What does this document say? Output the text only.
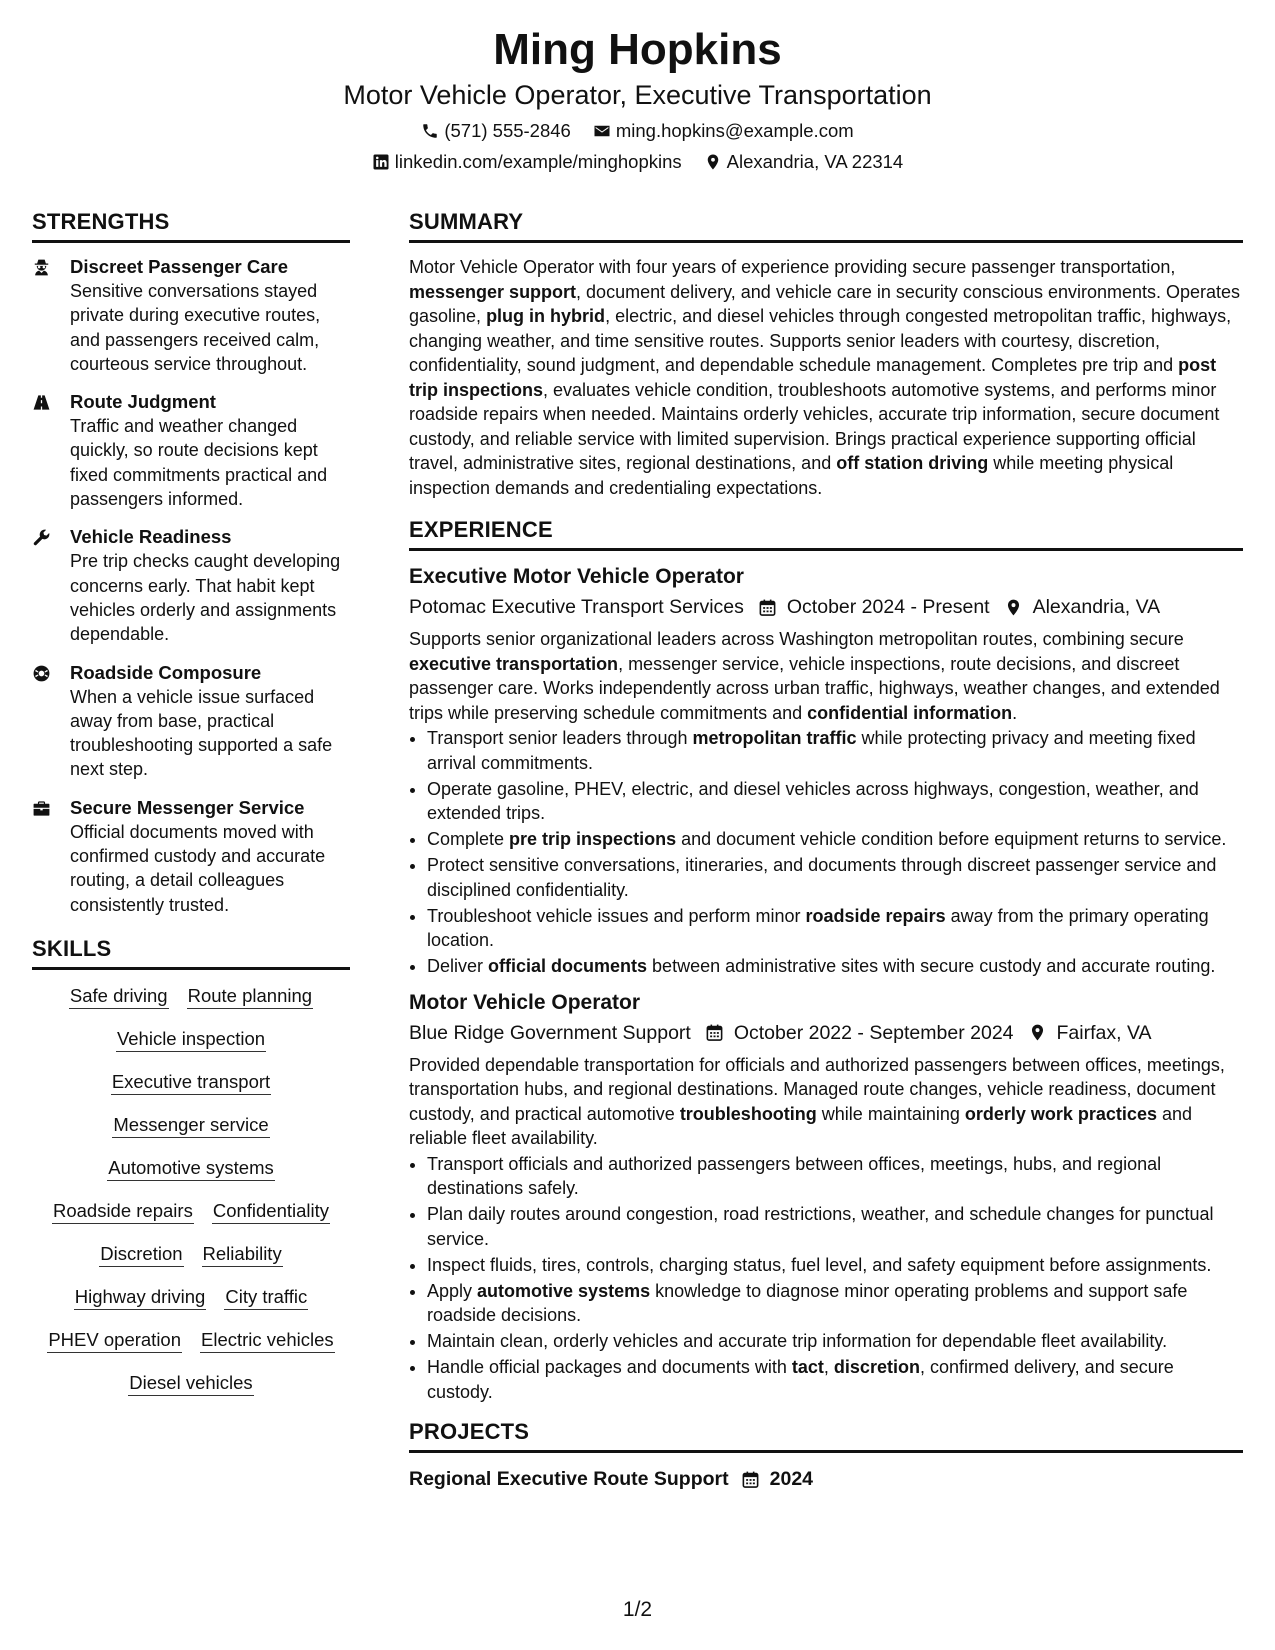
Ming Hopkins
Motor Vehicle Operator, Executive Transportation
(571) 555-2846 ming.hopkins@example.com
linkedin.com/example/minghopkins Alexandria, VA 22314
STRENGTHS
Discreet Passenger Care
Sensitive conversations stayed private during executive routes, and passengers received calm, courteous service throughout.
Route Judgment
Traffic and weather changed quickly, so route decisions kept fixed commitments practical and passengers informed.
Vehicle Readiness
Pre trip checks caught developing concerns early. That habit kept vehicles orderly and assignments dependable.
Roadside Composure
When a vehicle issue surfaced away from base, practical troubleshooting supported a safe next step.
Secure Messenger Service
Official documents moved with confirmed custody and accurate routing, a detail colleagues consistently trusted.
SKILLS
Safe driving Route planning
Vehicle inspection
Executive transport
Messenger service
Automotive systems
Roadside repairs Confidentiality
Discretion Reliability
Highway driving City traffic
PHEV operation Electric vehicles
Diesel vehicles
SUMMARY

Motor Vehicle Operator with four years of experience providing secure passenger transportation, messenger support, document delivery, and vehicle care in security conscious environments. Operates gasoline, plug in hybrid, electric, and diesel vehicles through congested metropolitan traffic, highways, changing weather, and time sensitive routes. Supports senior leaders with courtesy, discretion, confidentiality, sound judgment, and dependable schedule management. Completes pre trip and post trip inspections, evaluates vehicle condition, troubleshoots automotive systems, and performs minor roadside repairs when needed. Maintains orderly vehicles, accurate trip information, secure document custody, and reliable service with limited supervision. Brings practical experience supporting official travel, administrative sites, regional destinations, and off station driving while meeting physical inspection demands and credentialing expectations.

EXPERIENCE
Executive Motor Vehicle Operator
Potomac Executive Transport Services October 2024 - Present Alexandria, VA

Supports senior organizational leaders across Washington metropolitan routes, combining secure executive transportation, messenger service, vehicle inspections, route decisions, and discreet passenger care. Works independently across urban traffic, highways, weather changes, and extended trips while preserving schedule commitments and confidential information.

• Transport senior leaders through metropolitan traffic while protecting privacy and meeting fixed arrival commitments.
• Operate gasoline, PHEV, electric, and diesel vehicles across highways, congestion, weather, and extended trips.
• Complete pre trip inspections and document vehicle condition before equipment returns to service.
• Protect sensitive conversations, itineraries, and documents through discreet passenger service and disciplined confidentiality.
• Troubleshoot vehicle issues and perform minor roadside repairs away from the primary operating location.
• Deliver official documents between administrative sites with secure custody and accurate routing.
Motor Vehicle Operator
Blue Ridge Government Support October 2022 - September 2024 Fairfax, VA

Provided dependable transportation for officials and authorized passengers between offices, meetings, transportation hubs, and regional destinations. Managed route changes, vehicle readiness, document custody, and practical automotive troubleshooting while maintaining orderly work practices and reliable fleet availability.

• Transport officials and authorized passengers between offices, meetings, hubs, and regional destinations safely.
• Plan daily routes around congestion, road restrictions, weather, and schedule changes for punctual service.
• Inspect fluids, tires, controls, charging status, fuel level, and safety equipment before assignments.
• Apply automotive systems knowledge to diagnose minor operating problems and support safe roadside decisions.
• Maintain clean, orderly vehicles and accurate trip information for dependable fleet availability.
• Handle official packages and documents with tact, discretion, confirmed delivery, and secure custody.
PROJECTS
Regional Executive Route Support 2024
1/2
